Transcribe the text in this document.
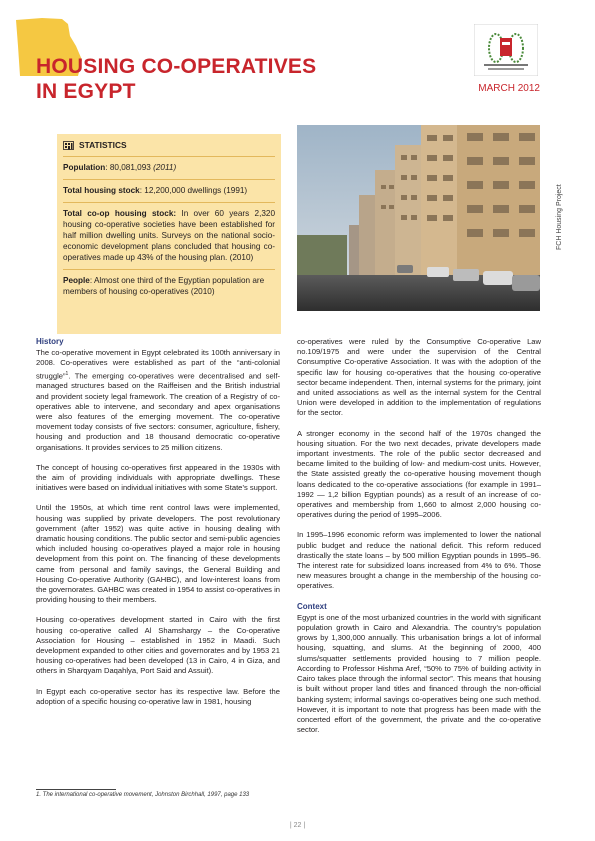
HOUSING CO-OPERATIVES
IN EGYPT	MARCH 2012
FCH Housing Project
STATISTICS
Population: 80,081,093 (2011)
Total housing stock: 12,200,000 dwellings (1991)
Total co-op housing stock: In over 60 years 2,320 housing co-operative societies have been established for half million dwelling units. Surveys on the national socio-economic development plans concluded that housing co-operatives made up 43% of the housing plan. (2010)
People: Almost one third of the Egyptian population are members of housing co-operatives (2010)
History

The co-operative movement in Egypt celebrated its 100th anniversary in 2008. Co-operatives were established as part of the “anti-colonial struggle”$^1$. The emerging co-operatives were decentralised and self-managed structures based on the Raiffeisen and the British industrial and provident society legal framework. The creation of a Registry of co-operatives able to intervene, and secondary and apex organisations were also features of the emerging movement. The co-operative movement today consists of five sectors: consumer, agriculture, fishery, housing and production and 18 thousand democratic co-operative organisations. It provides services to 25 million citizens.

The concept of housing co-operatives first appeared in the 1930s with the aim of providing individuals with appropriate dwellings. These initiatives were based on individual initiatives with some State’s support.

Until the 1950s, at which time rent control laws were implemented, housing was supplied by private developers. The post revolutionary government (after 1952) was quite active in housing dealing with dramatic housing conditions. The public sector and semi-public agencies which included housing co-operatives played a major role in housing development from this point on. The financing of these developments came from personal and family savings, the General Building and Housing Co-operative Authority (GAHBC), and low-interest loans from the governorates. GAHBC was created in 1954 to assist co-operatives in providing housing to their members.

Housing co-operatives development started in Cairo with the first housing co-operative called Al Shamshargy – the Co-operative Association for Housing – established in 1952 in Maadi. Such development expanded to other cities and governorates and by 1953 21 housing co-operatives had been developed (13 in Cairo, 4 in Giza, and others in Sharqyam Daqahlya, Port Said and Assuit).

In Egypt each co-operative sector has its respective law. Before the adoption of a specific housing co-operative law in 1981, housing

co-operatives were ruled by the Consumptive Co-operative Law no.109/1975 and were under the supervision of the Central Consumptive Co-operative Association. It was with the adoption of the specific law for housing co-operatives that the housing co-operative sector became independent. Then, internal systems for the primary, joint and united associations as well as the internal system for the Central Union were developed in addition to the implementation of regulations for the sector.

A stronger economy in the second half of the 1970s changed the housing situation. For the two next decades, private developers made important investments. The role of the public sector decreased and became limited to the building of low- and medium-cost units. However, the State assisted greatly the co-operative housing movement though loans dedicated to the co-operative associations (for example in 1991–1992 — 1,2 billion Egyptian pounds) as a result of an increase of co-operatives and membership from 1,660 to almost 2,000 housing co-operatives during the period of 1995–2006.

In 1995–1996 economic reform was implemented to lower the national public budget and reduce the national deficit. This reform reduced drastically the state loans – by 500 million Egyptian pounds in 1995–96. The interest rate for subsidized loans increased from 4% to 6%. Those new measures brought a change in the membership of the housing co-operatives.

Context

Egypt is one of the most urbanized countries in the world with significant population growth in Cairo and Alexandria. The country’s population grows by 1,300,000 annually. This urbanisation brings a lot of informal housing, squatting, and slums. At the beginning of 2000, 400 slums/squatter settlements provided housing to 7 million people. According to Professor Hishma Aref, “50% to 75% of building activity in Cairo takes place through the informal sector”. This means that housing is built without proper land titles and financed through the non-official banking system; informal savings co-operatives being one such method. However, it is important to note that progress has been made with the concerted effort of the government, the private and the co-operative sector.

1. The international co-operative movement, Johnston Birchhall, 1997, page 133
| 22 |
